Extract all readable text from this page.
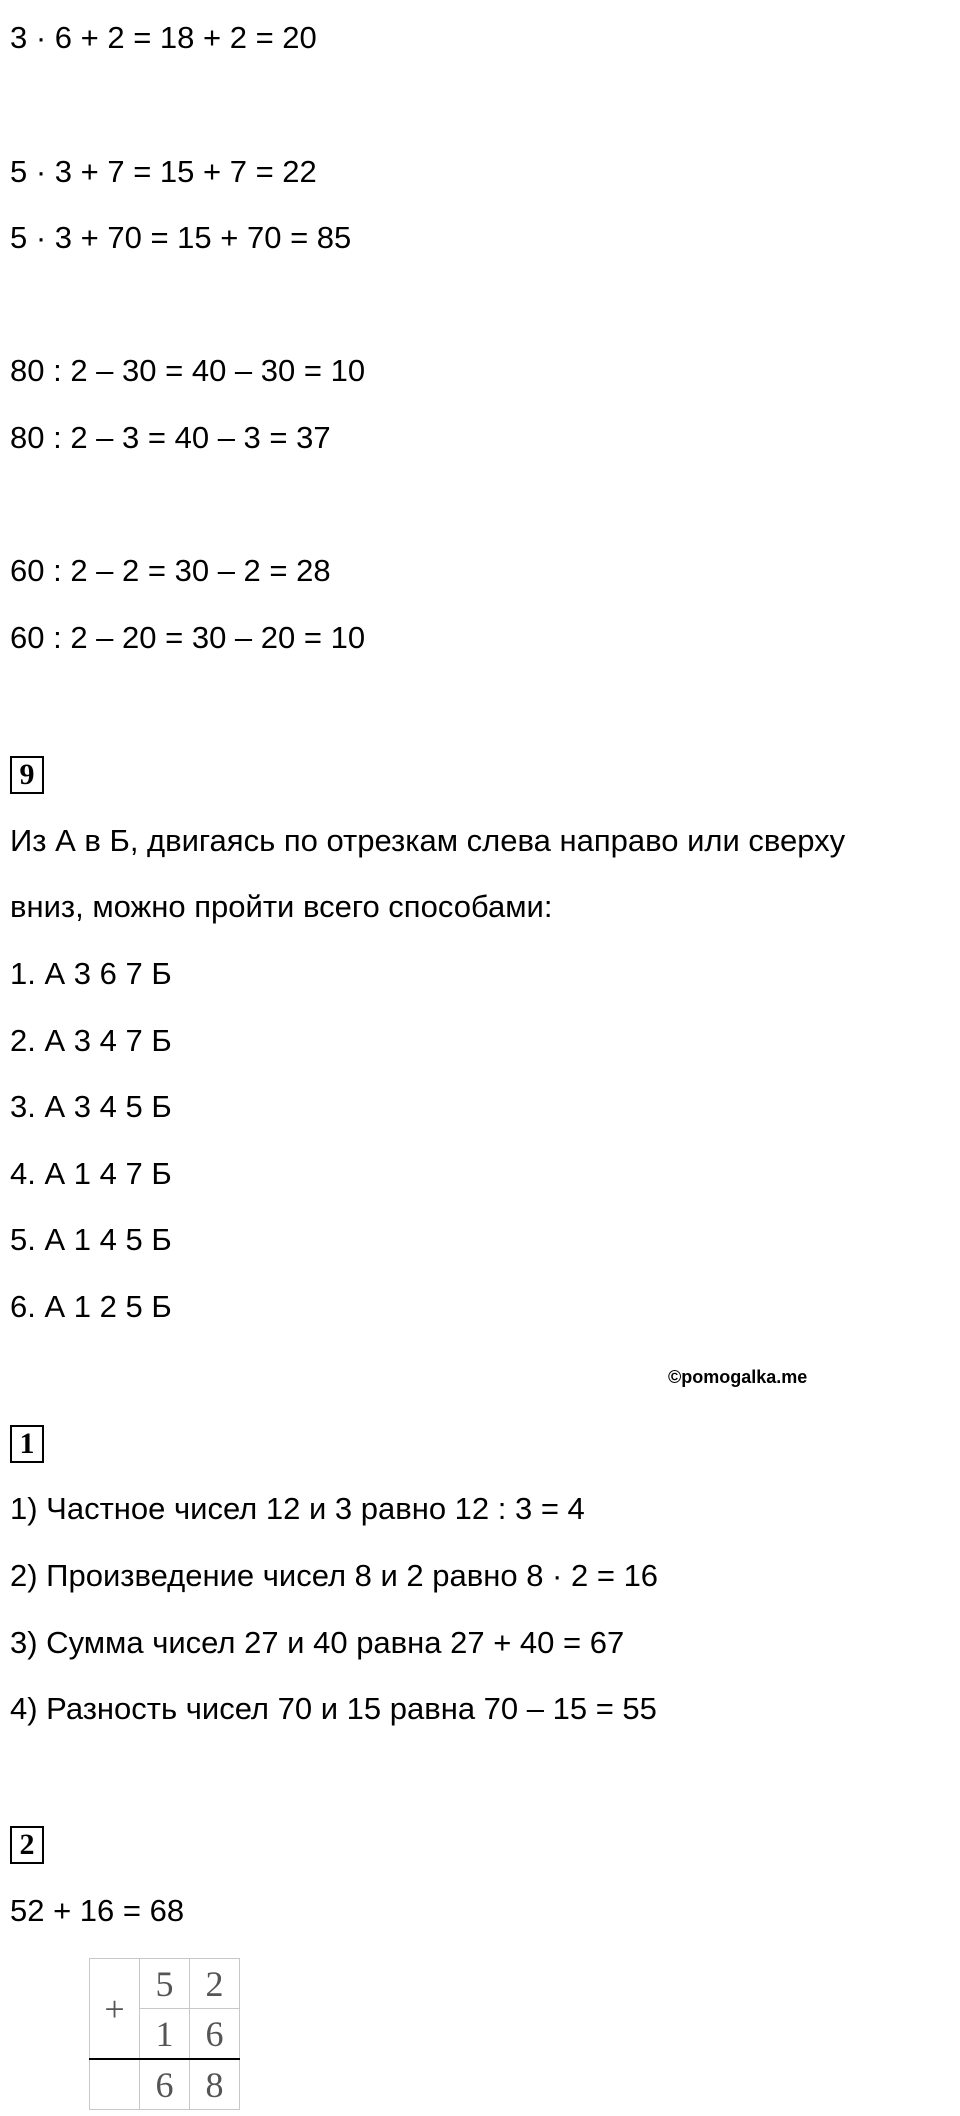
3 · 6 + 2 = 18 + 2 = 20
5 · 3 + 7 = 15 + 7 = 22
5 · 3 + 70 = 15 + 70 = 85
80 : 2 – 30 = 40 – 30 = 10
80 : 2 – 3 = 40 – 3 = 37
60 : 2 – 2 = 30 – 2 = 28
60 : 2 – 20 = 30 – 20 = 10
9
Из А в Б, двигаясь по отрезкам слева направо или сверху
вниз, можно пройти всего способами:
1. А 3 6 7 Б
2. А 3 4 7 Б
3. А 3 4 5 Б
4. А 1 4 7 Б
5. А 1 4 5 Б
6. А 1 2 5 Б
©pomogalka.me
1
1) Частное чисел 12 и 3 равно 12 : 3 = 4
2) Произведение чисел 8 и 2 равно 8 · 2 = 16
3) Сумма чисел 27 и 40 равна 27 + 40 = 67
4) Разность чисел 70 и 15 равна 70 – 15 = 55
2
52 + 16 = 68
+	5	2
	1	6
	6	8
